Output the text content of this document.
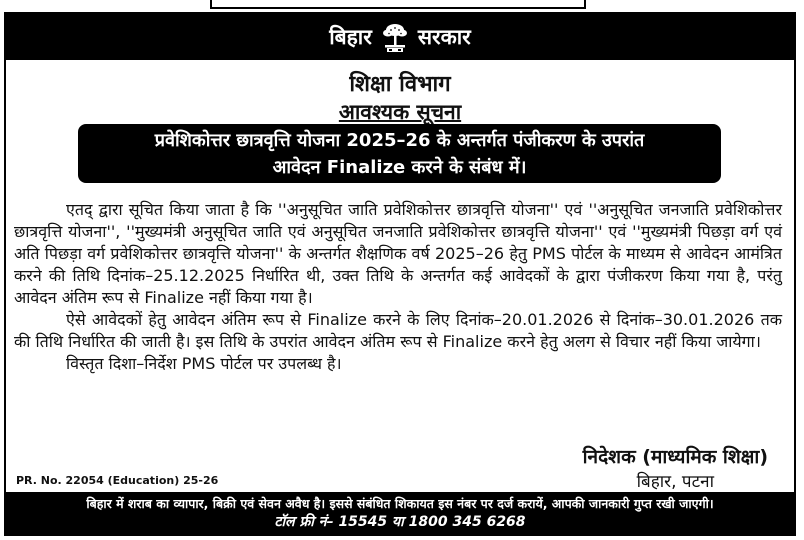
बिहार सरकार
शिक्षा विभाग
आवश्यक सूचना
प्रवेशिकोत्तर छात्रवृत्ति योजना 2025–26 के अन्तर्गत पंजीकरण के उपरांत
आवेदन Finalize करने के संबंध में।

एतद् द्वारा सूचित किया जाता है कि ''अनुसूचित जाति प्रवेशिकोत्तर छात्रवृत्ति योजना'' एवं ''अनुसूचित जनजाति प्रवेशिकोत्तर छात्रवृत्ति योजना'', ''मुख्यमंत्री अनुसूचित जाति एवं अनुसूचित जनजाति प्रवेशिकोत्तर छात्रवृत्ति योजना'' एवं ''मुख्यमंत्री पिछड़ा वर्ग एवं अति पिछड़ा वर्ग प्रवेशिकोत्तर छात्रवृत्ति योजना'' के अन्तर्गत शैक्षणिक वर्ष 2025–26 हेतु PMS पोर्टल के माध्यम से आवेदन आमंत्रित करने की तिथि दिनांक–25.12.2025 निर्धारित थी, उक्त तिथि के अन्तर्गत कई आवेदकों के द्वारा पंजीकरण किया गया है, परंतु आवेदन अंतिम रूप से Finalize नहीं किया गया है।

ऐसे आवेदकों हेतु आवेदन अंतिम रूप से Finalize करने के लिए दिनांक–20.01.2026 से दिनांक–30.01.2026 तक की तिथि निर्धारित की जाती है। इस तिथि के उपरांत आवेदन अंतिम रूप से Finalize करने हेतु अलग से विचार नहीं किया जायेगा।

विस्तृत दिशा–निर्देश PMS पोर्टल पर उपलब्ध है।

निदेशक (माध्यमिक शिक्षा)
बिहार, पटना
PR. No. 22054 (Education) 25-26
बिहार में शराब का व्यापार, बिक्री एवं सेवन अवैध है। इससे संबंधित शिकायत इस नंबर पर दर्ज करायें, आपकी जानकारी गुप्त रखी जाएगी।
टॉल फ्री नं– 15545 या 1800 345 6268
